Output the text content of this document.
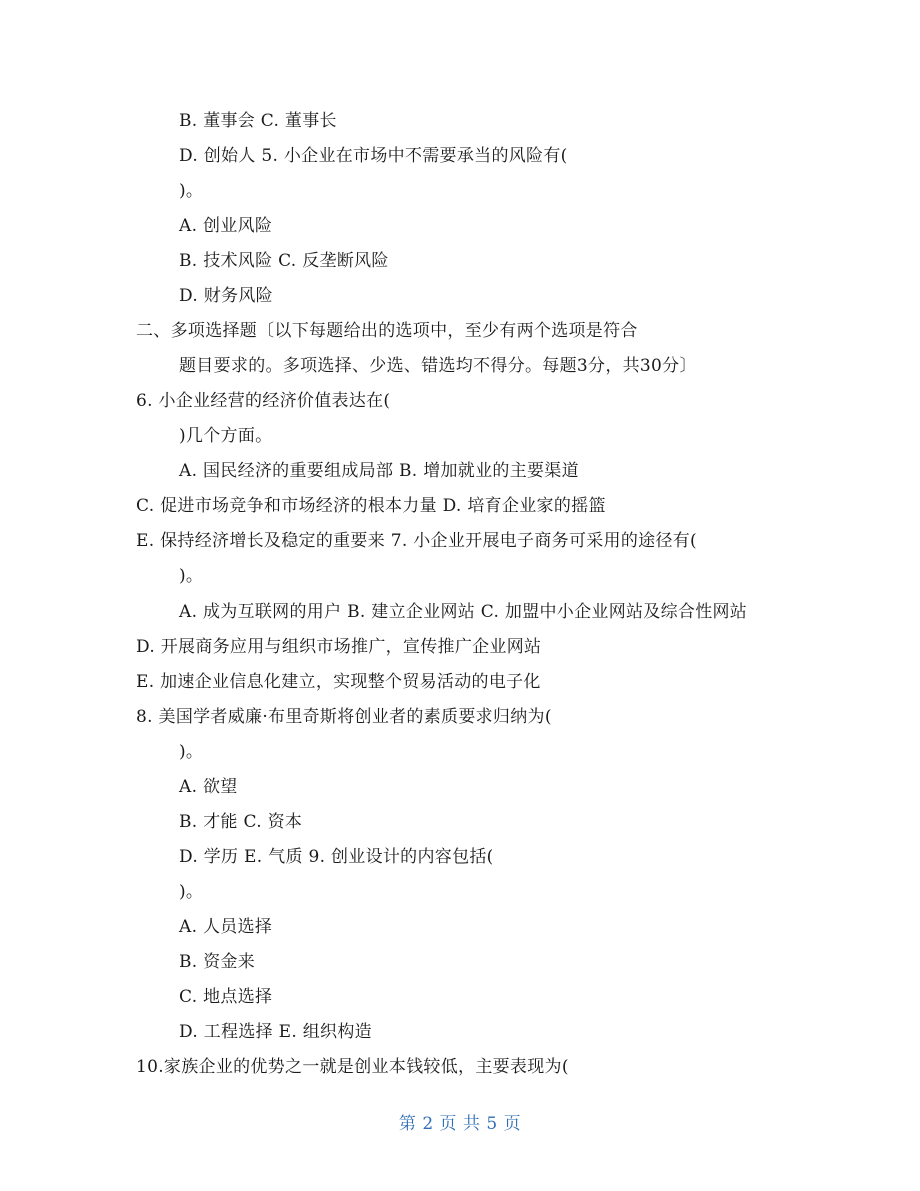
B. 董事会 C. 董事长
D. 创始人 5. 小企业在市场中不需要承当的风险有(
)。
A. 创业风险
B. 技术风险 C. 反垄断风险
D. 财务风险
二、多项选择题〔以下每题给出的选项中，至少有两个选项是符合
题目要求的。多项选择、少选、错选均不得分。每题3分，共30分〕
6. 小企业经营的经济价值表达在(
)几个方面。
A. 国民经济的重要组成局部 B. 增加就业的主要渠道
C. 促进市场竞争和市场经济的根本力量 D. 培育企业家的摇篮
E. 保持经济增长及稳定的重要来 7. 小企业开展电子商务可采用的途径有(
)。
A. 成为互联网的用户 B. 建立企业网站 C. 加盟中小企业网站及综合性网站
D. 开展商务应用与组织市场推广，宣传推广企业网站
E. 加速企业信息化建立，实现整个贸易活动的电子化
8. 美国学者威廉·布里奇斯将创业者的素质要求归纳为(
)。
A. 欲望
B. 才能 C. 资本
D. 学历 E. 气质 9. 创业设计的内容包括(
)。
A. 人员选择
B. 资金来
C. 地点选择
D. 工程选择 E. 组织构造
10.家族企业的优势之一就是创业本钱较低，主要表现为(
第 2 页 共 5 页
